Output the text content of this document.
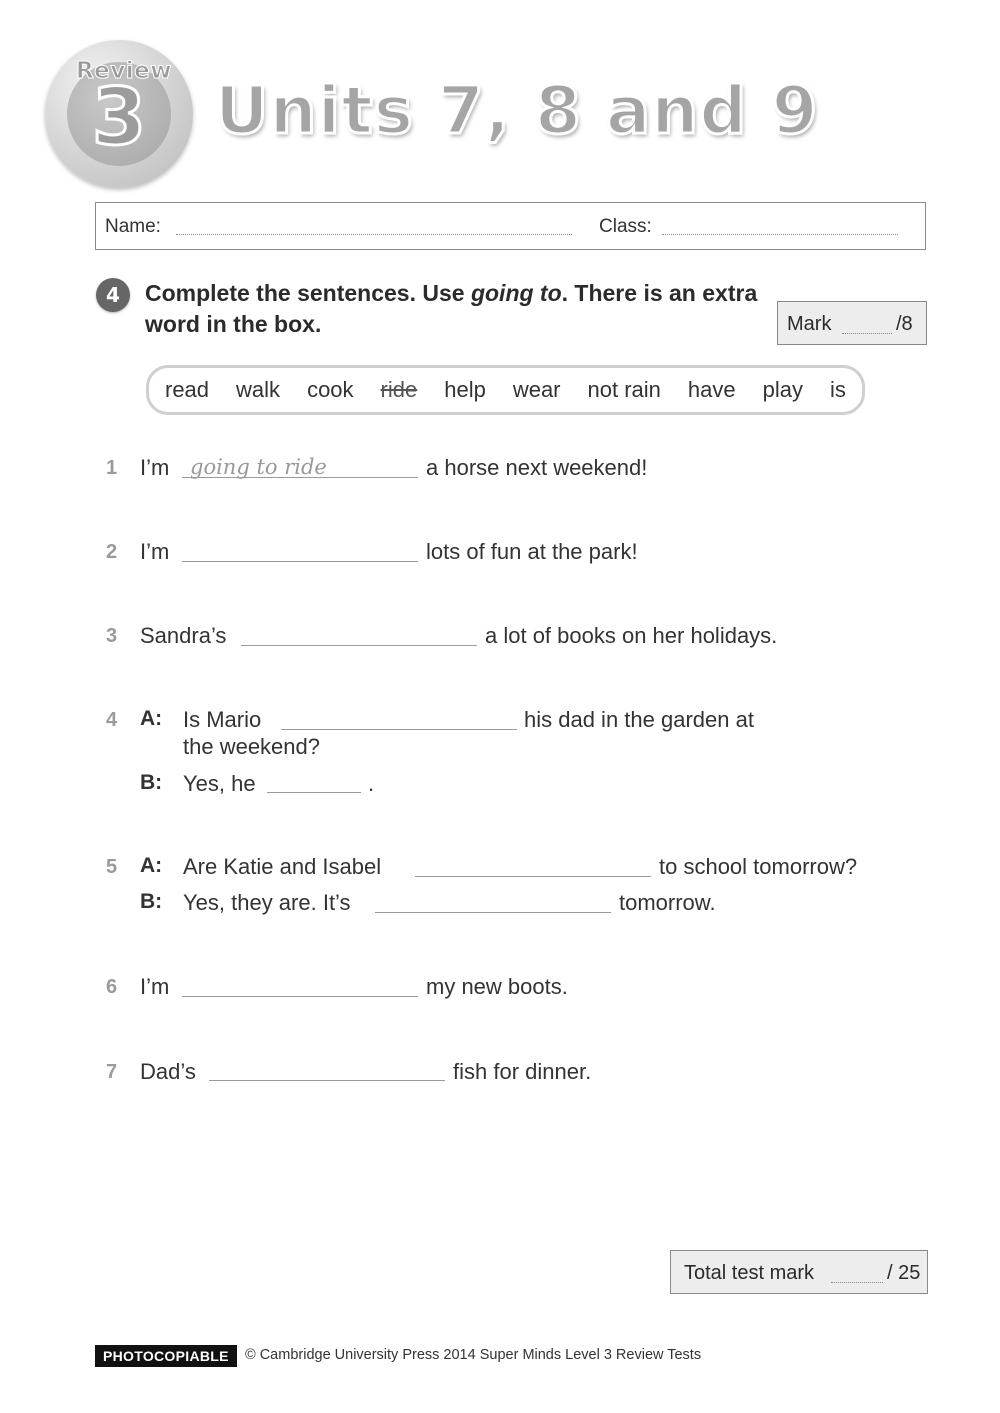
Review
3	Units 7, 8 and 9
Name:	Class:
4	Complete the sentences. Use going to. There is an extra word in the box.	Mark	/8
read walk cook ride help wear not rain have play is
1 I’m going to ride	a horse next weekend!
2 I’m	lots of fun at the park!
3 Sandra’s	a lot of books on her holidays.
4 A: Is Mario	his dad in the garden at
the weekend?
B: Yes, he	.
5 A: Are Katie and Isabel	to school tomorrow?
B: Yes, they are. It’s	tomorrow.
6 I’m	my new boots.
7 Dad’s	fish for dinner.
Total test mark	/ 25
PHOTOCOPIABLE	© Cambridge University Press 2014 Super Minds Level 3 Review Tests
